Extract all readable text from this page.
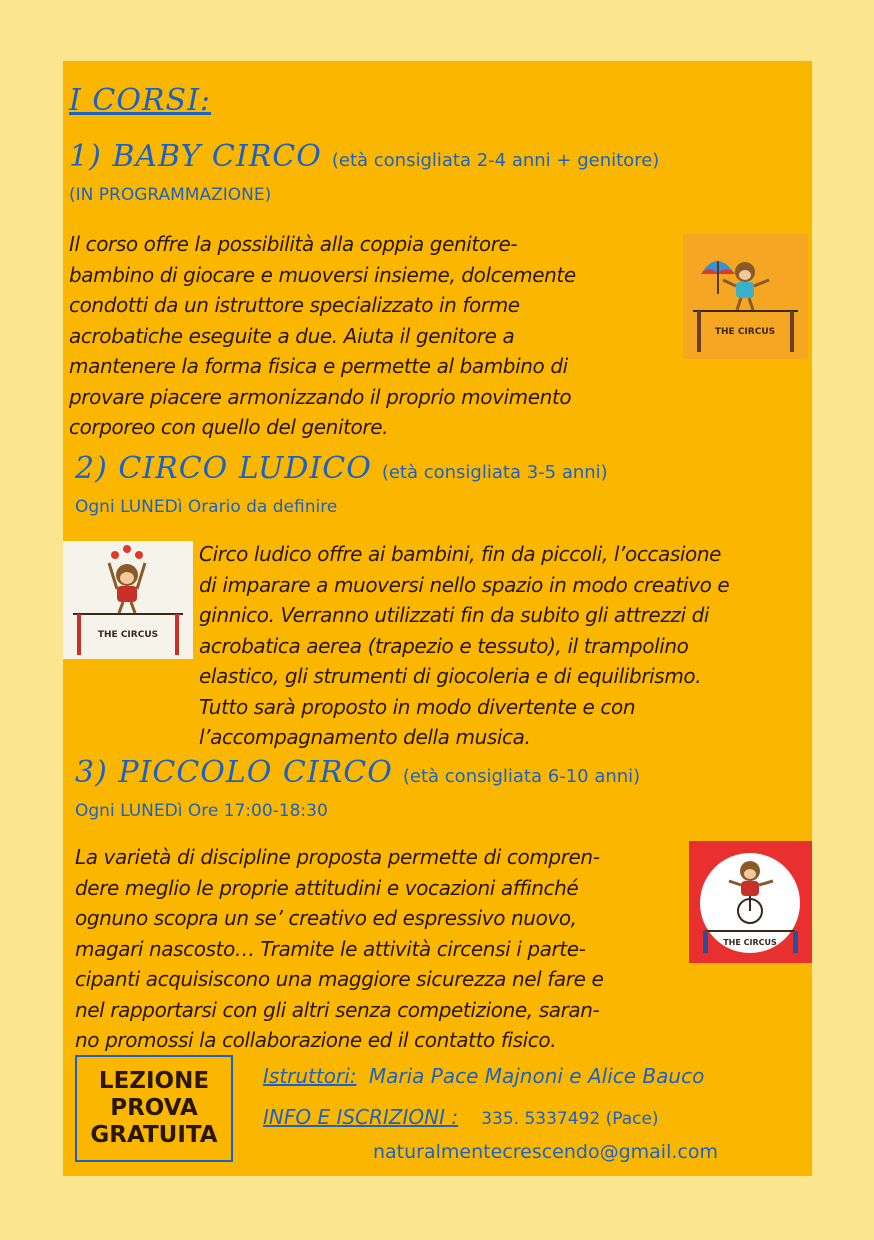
I CORSI:
1) BABY CIRCO (età consigliata 2-4 anni + genitore)
(IN PROGRAMMAZIONE)
Il corso offre la possibilità alla coppia genitore-
bambino di giocare e muoversi insieme, dolcemente
condotti da un istruttore specializzato in forme
acrobatiche eseguite a due. Aiuta il genitore a
mantenere la forma fisica e permette al bambino di
provare piacere armonizzando il proprio movimento
corporeo con quello del genitore.
THE CIRCUS
2) CIRCO LUDICO (età consigliata 3-5 anni)
Ogni LUNEDì Orario da definire
THE CIRCUS
Circo ludico offre ai bambini, fin da piccoli, l’occasione
di imparare a muoversi nello spazio in modo creativo e
ginnico. Verranno utilizzati fin da subito gli attrezzi di
acrobatica aerea (trapezio e tessuto), il trampolino
elastico, gli strumenti di giocoleria e di equilibrismo.
Tutto sarà proposto in modo divertente e con
l’accompagnamento della musica.
3) PICCOLO CIRCO (età consigliata 6-10 anni)
Ogni LUNEDì Ore 17:00-18:30
La varietà di discipline proposta permette di compren-
dere meglio le proprie attitudini e vocazioni affinché
ognuno scopra un se’ creativo ed espressivo nuovo,
magari nascosto… Tramite le attività circensi i parte-
cipanti acquisiscono una maggiore sicurezza nel fare e
nel rapportarsi con gli altri senza competizione, saran-
no promossi la collaborazione ed il contatto fisico.
THE CIRCUS
LEZIONE
PROVA
GRATUITA
Istruttori: Maria Pace Majnoni e Alice Bauco
INFO E ISCRIZIONI : 335. 5337492 (Pace)
naturalmentecrescendo@gmail.com
